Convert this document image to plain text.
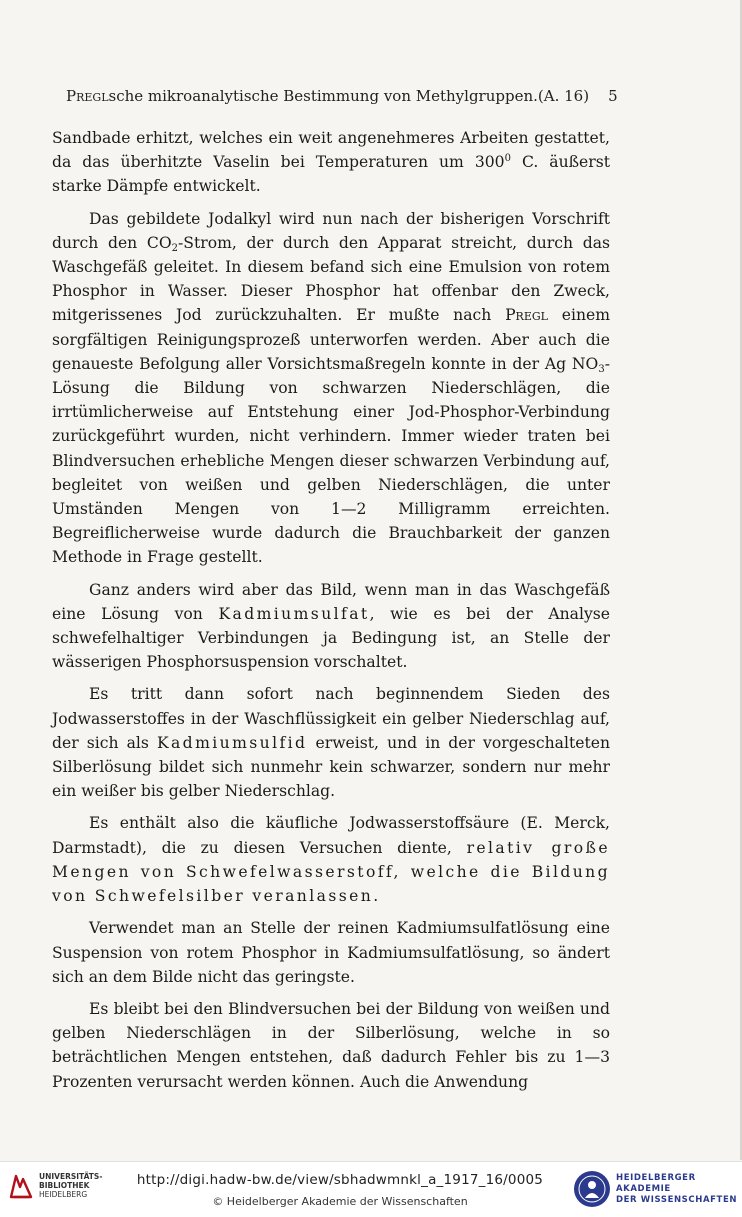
Preglsche mikroanalytische Bestimmung von Methylgruppen. (A. 16) 5

Sandbade erhitzt, welches ein weit angenehmeres Arbeiten gestattet, da das überhitzte Vaselin bei Temperaturen um $300^0$ C. äußerst starke Dämpfe entwickelt.

Das gebildete Jodalkyl wird nun nach der bisherigen Vorschrift durch den $CO_2$-Strom, der durch den Apparat streicht, durch das Waschgefäß geleitet. In diesem befand sich eine Emulsion von rotem Phosphor in Wasser. Dieser Phosphor hat offenbar den Zweck, mitgerissenes Jod zurückzuhalten. Er mußte nach Pregl einem sorgfältigen Reinigungsprozeß unterworfen werden. Aber auch die genaueste Befolgung aller Vorsichtsmaßregeln konnte in der Ag $NO_3$-Lösung die Bildung von schwarzen Niederschlägen, die irrtümlicherweise auf Entstehung einer Jod-Phosphor-Verbindung zurückgeführt wurden, nicht verhindern. Immer wieder traten bei Blindversuchen erhebliche Mengen dieser schwarzen Verbindung auf, begleitet von weißen und gelben Niederschlägen, die unter Umständen Mengen von 1—2 Milligramm erreichten. Begreiflicherweise wurde dadurch die Brauchbarkeit der ganzen Methode in Frage gestellt.

Ganz anders wird aber das Bild, wenn man in das Waschgefäß eine Lösung von Kadmiumsulfat, wie es bei der Analyse schwefelhaltiger Verbindungen ja Bedingung ist, an Stelle der wässerigen Phosphorsuspension vorschaltet.

Es tritt dann sofort nach beginnendem Sieden des Jodwasserstoffes in der Waschflüssigkeit ein gelber Niederschlag auf, der sich als Kadmiumsulfid erweist, und in der vorgeschalteten Silberlösung bildet sich nunmehr kein schwarzer, sondern nur mehr ein weißer bis gelber Niederschlag.

Es enthält also die käufliche Jodwasserstoffsäure (E. Merck, Darmstadt), die zu diesen Versuchen diente, relativ große Mengen von Schwefelwasserstoff, welche die Bildung von Schwefelsilber veranlassen.

Verwendet man an Stelle der reinen Kadmiumsulfatlösung eine Suspension von rotem Phosphor in Kadmiumsulfatlösung, so ändert sich an dem Bilde nicht das geringste.

Es bleibt bei den Blindversuchen bei der Bildung von weißen und gelben Niederschlägen in der Silberlösung, welche in so beträchtlichen Mengen entstehen, daß dadurch Fehler bis zu 1—3 Prozenten verursacht werden können. Auch die Anwendung

UNIVERSITÄTS-
BIBLIOTHEK
HEIDELBERG
http://digi.hadw-bw.de/view/sbhadwmnkl_a_1917_16/0005
© Heidelberger Akademie der Wissenschaften
HEIDELBERGER AKADEMIE
DER WISSENSCHAFTEN
